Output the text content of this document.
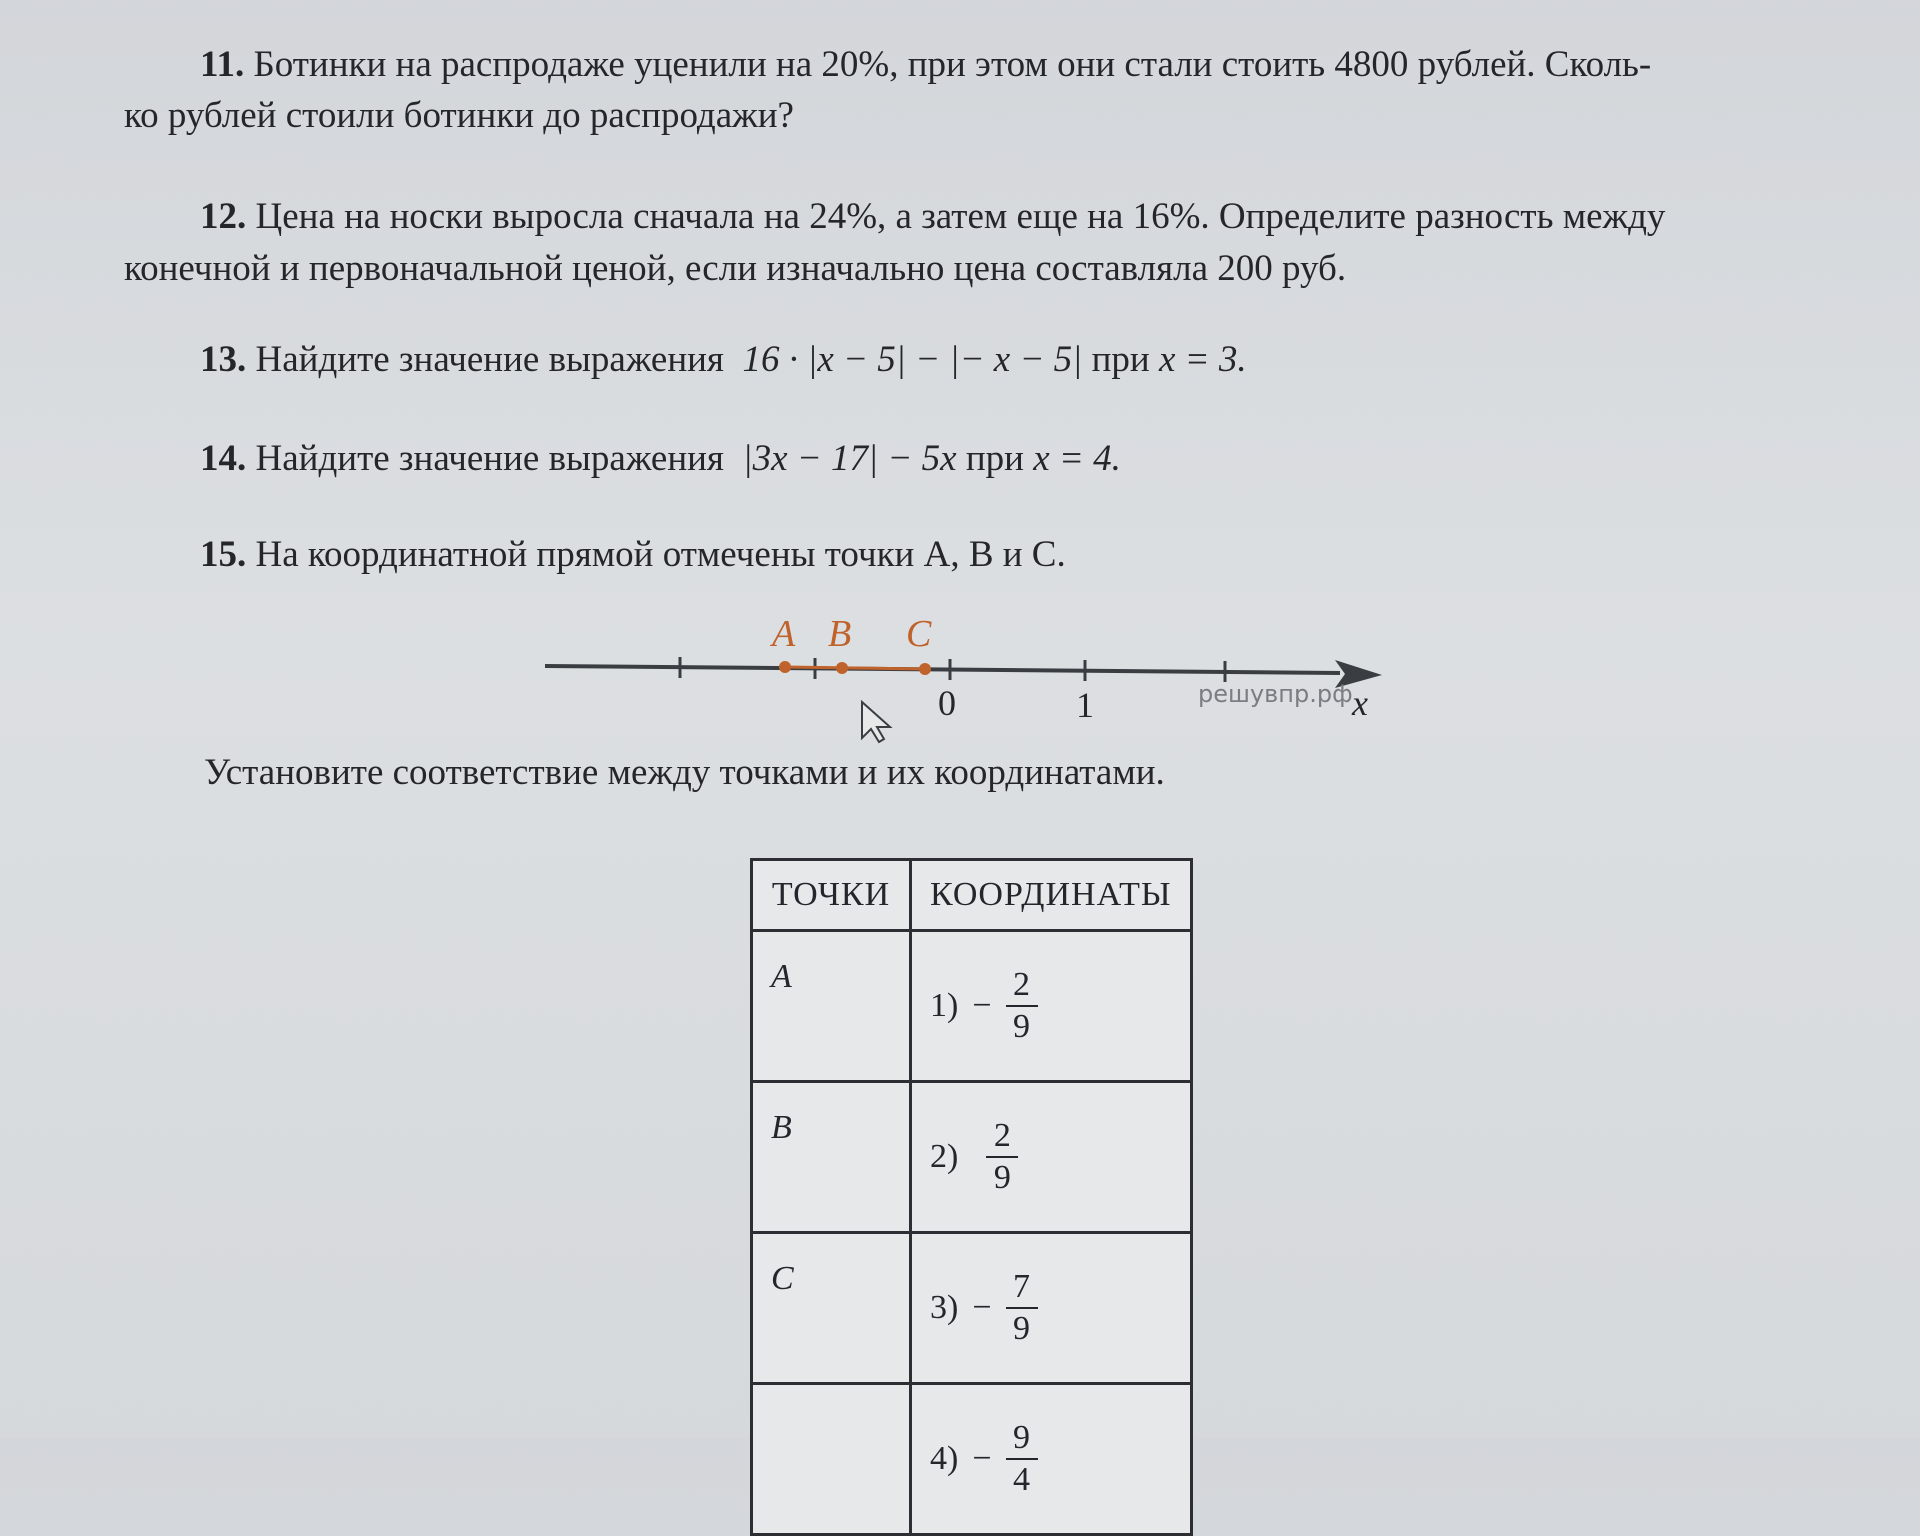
11. Ботинки на распродаже уценили на 20%, при этом они стали стоить 4800 рублей. Сколь-
ко рублей стоили ботинки до распродажи?
12. Цена на носки выросла сначала на 24%, а затем еще на 16%. Определите разность между
конечной и первоначальной ценой, если изначально цена составляла 200 руб.
13. Найдите значение выражения 16 · |x − 5| − |− x − 5| при x = 3.
14. Найдите значение выражения |3x − 17| − 5x при x = 4.
15. На координатной прямой отмечены точки A, B и C.
A B C
0	1	решувпр.рф x
Установите соответствие между точками и их координатами.
ТОЧКИ	КООРДИНАТЫ
A	$1) - \frac{2}{9}$

B	$2) \frac{2}{9}$

C	$3) - \frac{7}{9}$

	$4) - \frac{9}{4}$
